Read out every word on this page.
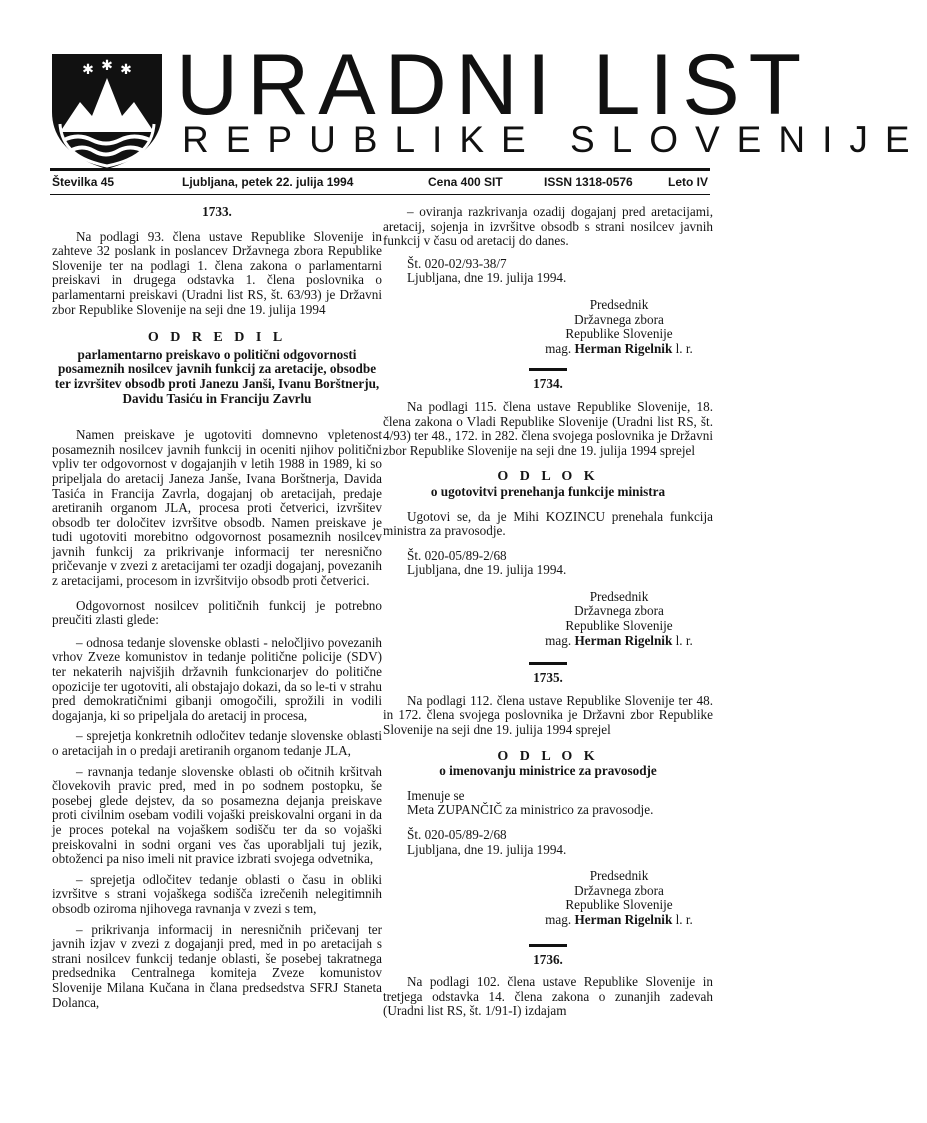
✱ ✱ ✱ URADNI LIST
REPUBLIKE SLOVENIJE
Številka 45	Ljubljana, petek 22. julija 1994	Cena 400 SIT	ISSN 1318-0576	Leto IV

1733.

Na podlagi 93. člena ustave Republike Slovenije in zahteve 32 poslank in poslancev Državnega zbora Republike Slovenije ter na podlagi 1. člena zakona o parlamentarni preiskavi in drugega odstavka 1. člena poslovnika o parlamentarni preiskavi (Uradni list RS, št. 63/93) je Državni zbor Republike Slovenije na seji dne 19. julija 1994

O D R E D I L

parlamentarno preiskavo o politični odgovornosti posameznih nosilcev javnih funkcij za aretacije, obsodbe ter izvršitev obsodb proti Janezu Janši, Ivanu Borštnerju, Davidu Tasiću in Franciju Zavrlu

Namen preiskave je ugotoviti domnevno vpletenost posameznih nosilcev javnih funkcij in oceniti njihov politični vpliv ter odgovornost v dogajanjih v letih 1988 in 1989, ki so pripeljala do aretacij Janeza Janše, Ivana Borštnerja, Davida Tasića in Francija Zavrla, dogajanj ob aretacijah, predaje aretiranih organom JLA, procesa proti četverici, izvršitev obsodb ter določitev izvršitve obsodb. Namen preiskave je tudi ugotoviti morebitno odgovornost posameznih nosilcev javnih funkcij za prikrivanje informacij ter neresnično pričevanje v zvezi z aretacijami ter ozadji dogajanj, povezanih z aretacijami, procesom in izvršitvijo obsodb proti četverici.

Odgovornost nosilcev političnih funkcij je potrebno preučiti zlasti glede:

– odnosa tedanje slovenske oblasti - neločljivo povezanih vrhov Zveze komunistov in tedanje politične policije (SDV) ter nekaterih najvišjih državnih funkcionarjev do politične opozicije ter ugotoviti, ali obstajajo dokazi, da so le-ti v strahu pred demokratičnimi gibanji omogočili, sprožili in vodili dogajanja, ki so pripeljala do aretacij in procesa,

– sprejetja konkretnih odločitev tedanje slovenske oblasti o aretacijah in o predaji aretiranih organom tedanje JLA,

– ravnanja tedanje slovenske oblasti ob očitnih kršitvah človekovih pravic pred, med in po sodnem postopku, še posebej glede dejstev, da so posamezna dejanja preiskave proti civilnim osebam vodili vojaški preiskovalni organi in da je proces potekal na vojaškem sodišču ter da so vojaški preiskovalni in sodni organi ves čas uporabljali tuj jezik, obtoženci pa niso imeli nit pravice izbrati svojega odvetnika,

– sprejetja odločitev tedanje oblasti o času in obliki izvršitve s strani vojaškega sodišča izrečenih nelegitimnih obsodb oziroma njihovega ravnanja v zvezi s tem,

– prikrivanja informacij in neresničnih pričevanj ter javnih izjav v zvezi z dogajanji pred, med in po aretacijah s strani nosilcev funkcij tedanje oblasti, še posebej takratnega predsednika Centralnega komiteja Zveze komunistov Slovenije Milana Kučana in člana predsedstva SFRJ Staneta Dolanca,

– oviranja razkrivanja ozadij dogajanj pred aretacijami, aretacij, sojenja in izvršitve obsodb s strani nosilcev javnih funkcij v času od aretacij do danes.

Št. 020-02/93-38/7

Ljubljana, dne 19. julija 1994.

Predsednik

Državnega zbora

Republike Slovenije

mag. Herman Rigelnik l. r.

1734.

Na podlagi 115. člena ustave Republike Slovenije, 18. člena zakona o Vladi Republike Slovenije (Uradni list RS, št. 4/93) ter 48., 172. in 282. člena svojega poslovnika je Državni zbor Republike Slovenije na seji dne 19. julija 1994 sprejel

O D L O K

o ugotovitvi prenehanja funkcije ministra

Ugotovi se, da je Mihi KOZINCU prenehala funkcija ministra za pravosodje.

Št. 020-05/89-2/68

Ljubljana, dne 19. julija 1994.

Predsednik

Državnega zbora

Republike Slovenije

mag. Herman Rigelnik l. r.

1735.

Na podlagi 112. člena ustave Republike Slovenije ter 48. in 172. člena svojega poslovnika je Državni zbor Republike Slovenije na seji dne 19. julija 1994 sprejel

O D L O K

o imenovanju ministrice za pravosodje

Imenuje se

Meta ZUPANČIČ za ministrico za pravosodje.

Št. 020-05/89-2/68

Ljubljana, dne 19. julija 1994.

Predsednik

Državnega zbora

Republike Slovenije

mag. Herman Rigelnik l. r.

1736.

Na podlagi 102. člena ustave Republike Slovenije in tretjega odstavka 14. člena zakona o zunanjih zadevah (Uradni list RS, št. 1/91-I) izdajam
